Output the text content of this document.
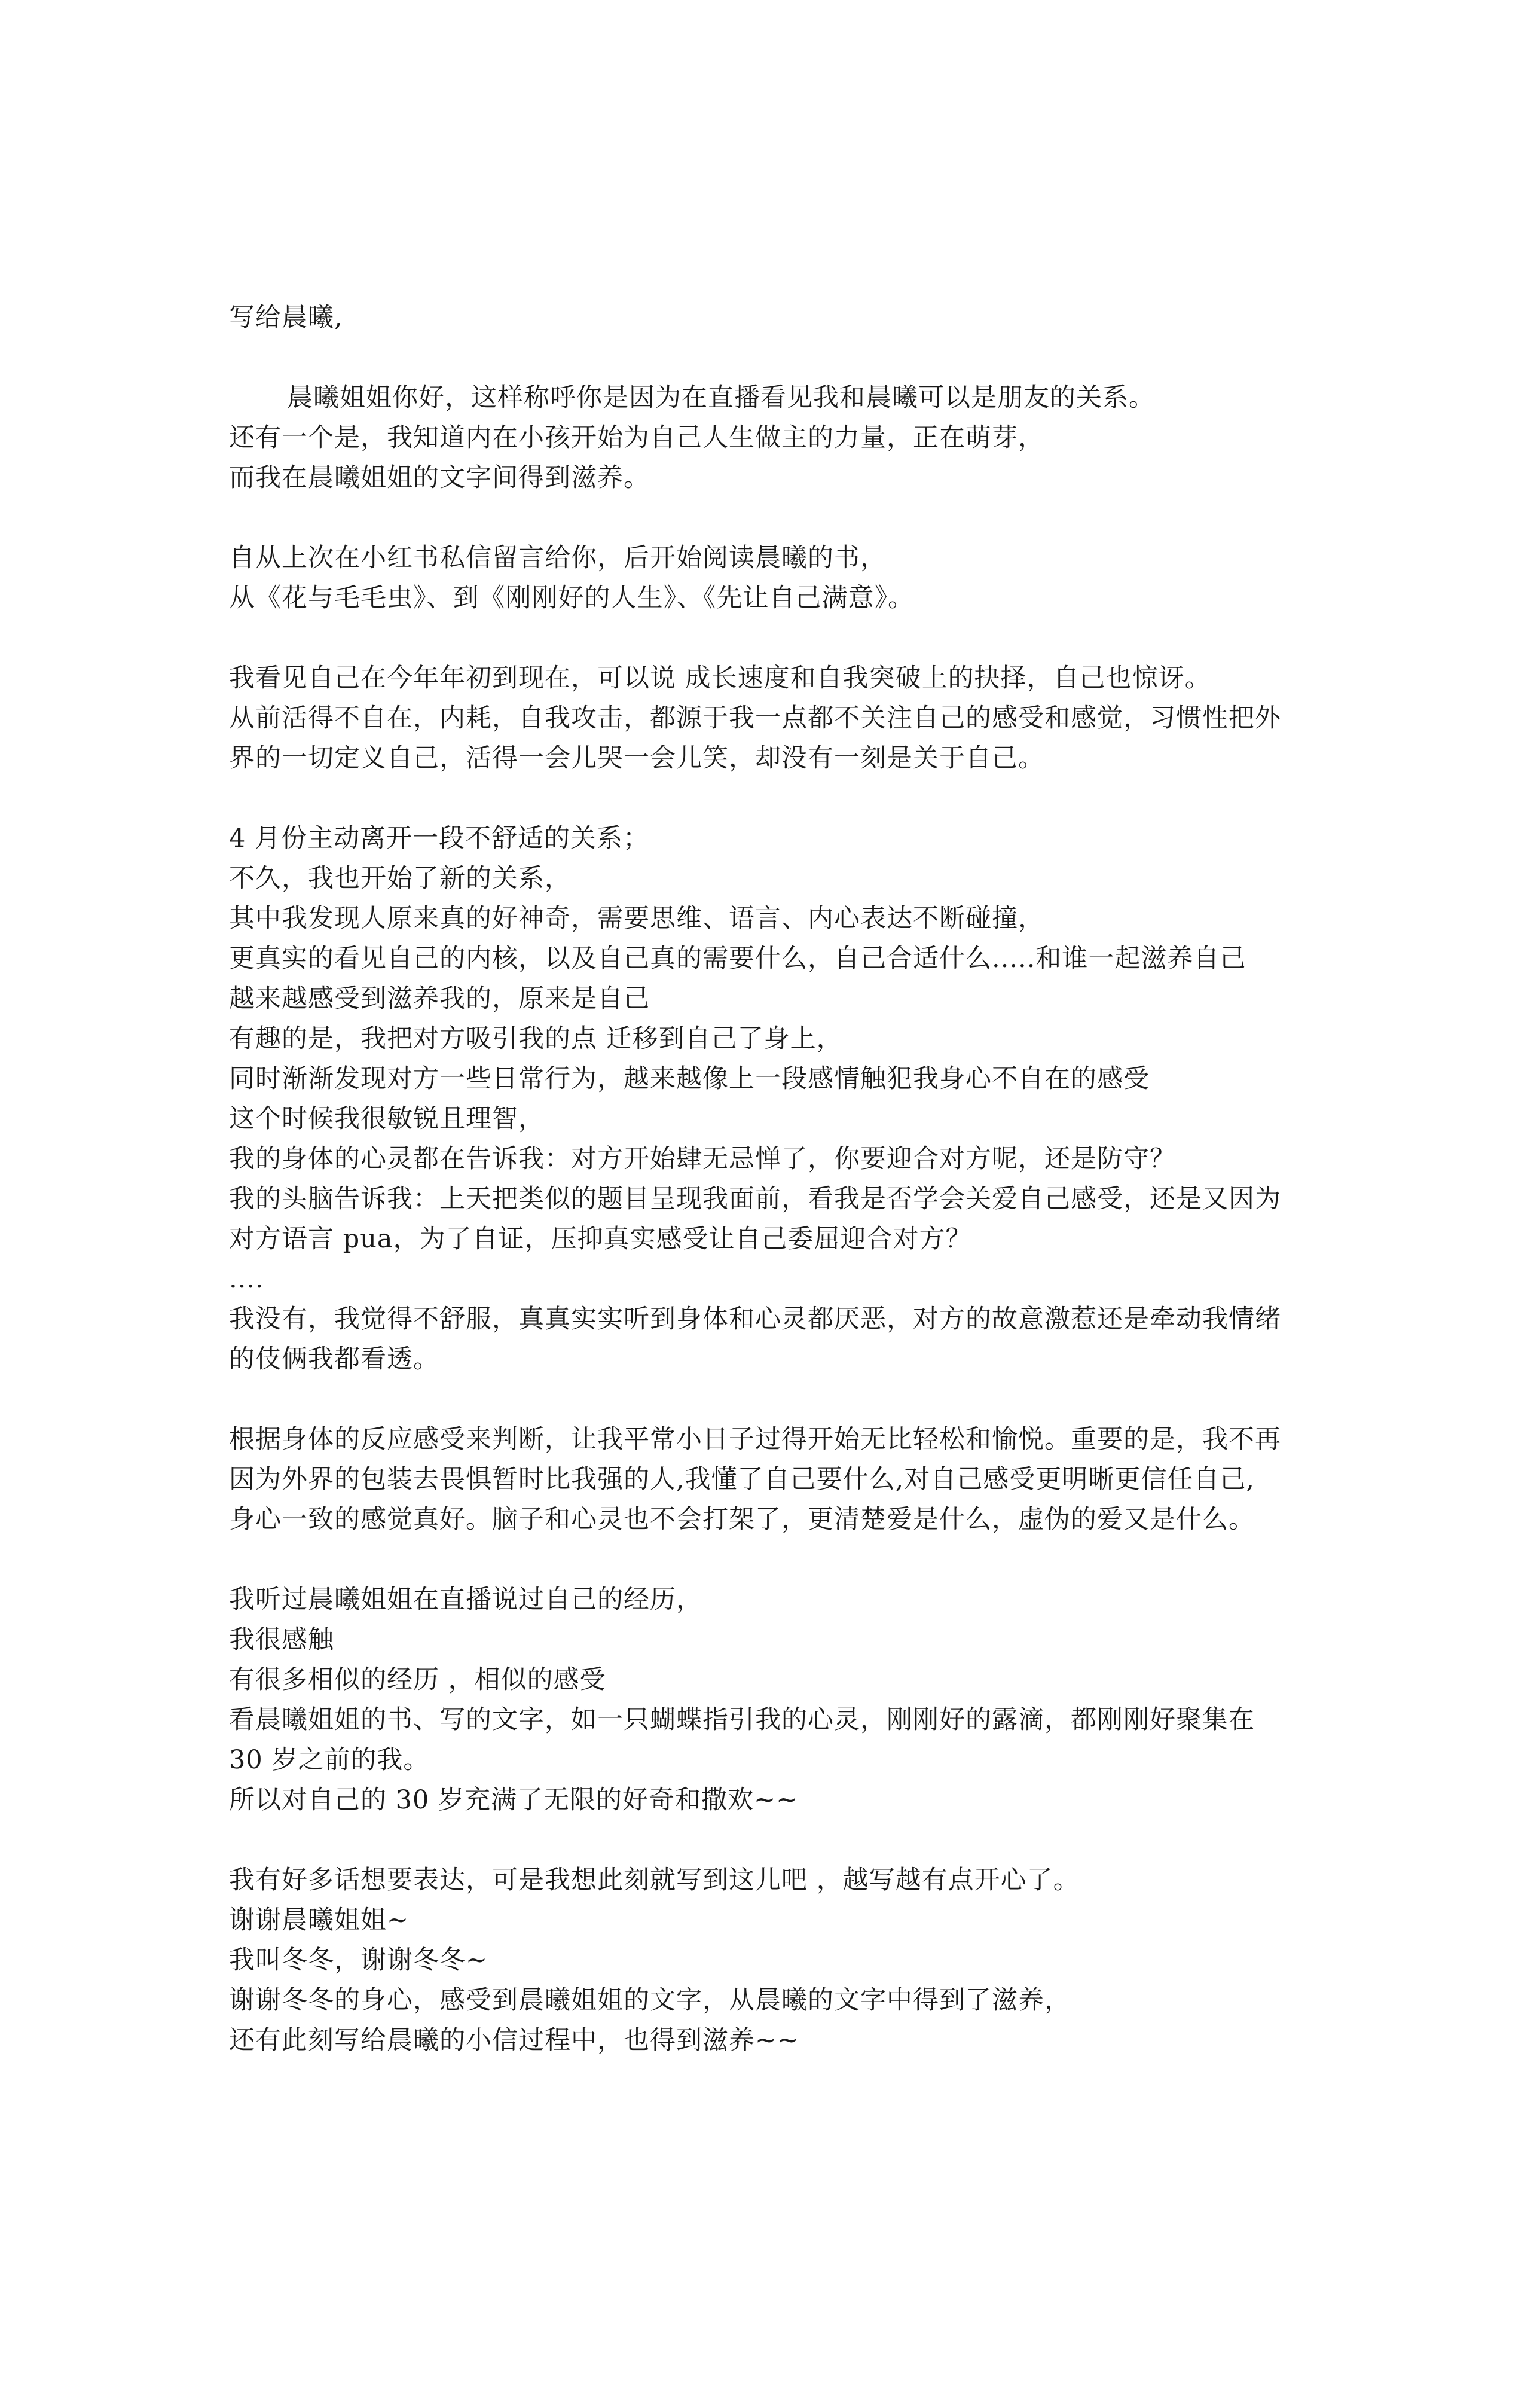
写给晨曦,
晨曦姐姐你好，这样称呼你是因为在直播看见我和晨曦可以是朋友的关系。
还有一个是，我知道内在小孩开始为自己人生做主的力量，正在萌芽，
而我在晨曦姐姐的文字间得到滋养。
自从上次在小红书私信留言给你，后开始阅读晨曦的书，
从《花与毛毛虫》、到《刚刚好的人生》、《先让自己满意》。
我看见自己在今年年初到现在，可以说 成长速度和自我突破上的抉择，自己也惊讶。
从前活得不自在，内耗，自我攻击，都源于我一点都不关注自己的感受和感觉，习惯性把外
界的一切定义自己，活得一会儿哭一会儿笑，却没有一刻是关于自己。
4 月份主动离开一段不舒适的关系；
不久，我也开始了新的关系，
其中我发现人原来真的好神奇，需要思维、语言、内心表达不断碰撞，
更真实的看见自己的内核，以及自己真的需要什么，自己合适什么.....和谁一起滋养自己
越来越感受到滋养我的，原来是自己
有趣的是，我把对方吸引我的点 迁移到自己了身上，
同时渐渐发现对方一些日常行为，越来越像上一段感情触犯我身心不自在的感受
这个时候我很敏锐且理智，
我的身体的心灵都在告诉我：对方开始肆无忌惮了，你要迎合对方呢，还是防守？
我的头脑告诉我：上天把类似的题目呈现我面前，看我是否学会关爱自己感受，还是又因为
对方语言 pua，为了自证，压抑真实感受让自己委屈迎合对方？
....
我没有，我觉得不舒服，真真实实听到身体和心灵都厌恶，对方的故意激惹还是牵动我情绪
的伎俩我都看透。
根据身体的反应感受来判断，让我平常小日子过得开始无比轻松和愉悦。重要的是，我不再
因为外界的包装去畏惧暂时比我强的人,我懂了自己要什么,对自己感受更明晰更信任自己,
身心一致的感觉真好。脑子和心灵也不会打架了，更清楚爱是什么，虚伪的爱又是什么。
我听过晨曦姐姐在直播说过自己的经历，
我很感触
有很多相似的经历 ，相似的感受
看晨曦姐姐的书、写的文字，如一只蝴蝶指引我的心灵，刚刚好的露滴，都刚刚好聚集在
30 岁之前的我。
所以对自己的 30 岁充满了无限的好奇和撒欢~~
我有好多话想要表达，可是我想此刻就写到这儿吧 ，越写越有点开心了。
谢谢晨曦姐姐~
我叫冬冬，谢谢冬冬~
谢谢冬冬的身心，感受到晨曦姐姐的文字，从晨曦的文字中得到了滋养，
还有此刻写给晨曦的小信过程中，也得到滋养~~
